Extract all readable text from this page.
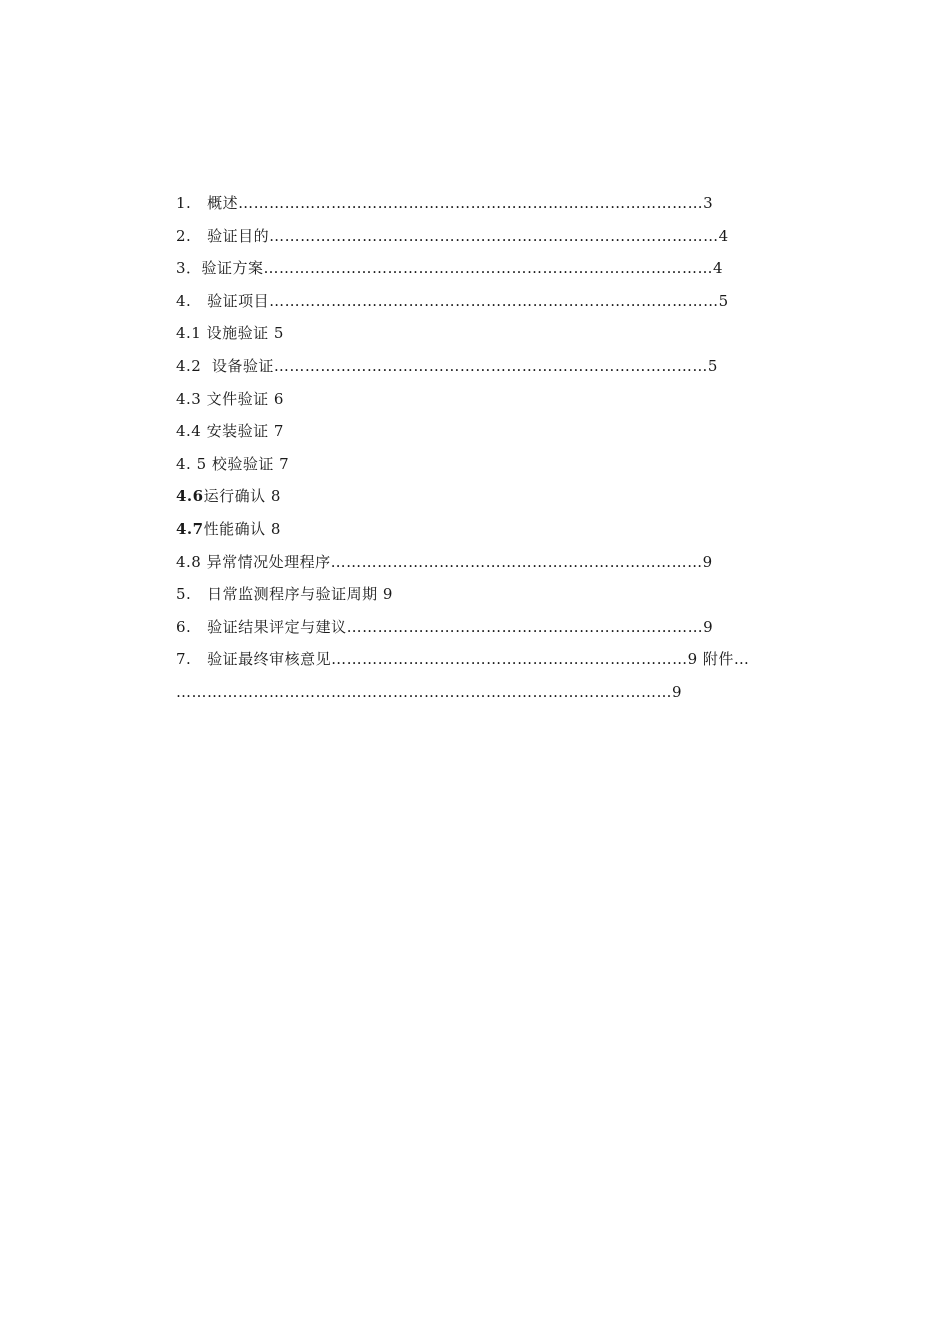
1.   概述………………………………………………………………………………3
2.   验证目的……………………………………………………………………………4
3．验证方案……………………………………………………………………………4
4.   验证项目……………………………………………………………………………5
4.1 设施验证 5
4.2  设备验证…………………………………………………………………………5
4.3 文件验证 6
4.4 安装验证 7
4. 5 校验验证 7
4.6运行确认 8
4.7性能确认 8
4.8 异常情况处理程序………………………………………………………………9
5.   日常监测程序与验证周期 9
6.   验证结果评定与建议……………………………………………………………9
7.   验证最终审核意见……………………………………………………………9 附件…
……………………………………………………………………………………9
